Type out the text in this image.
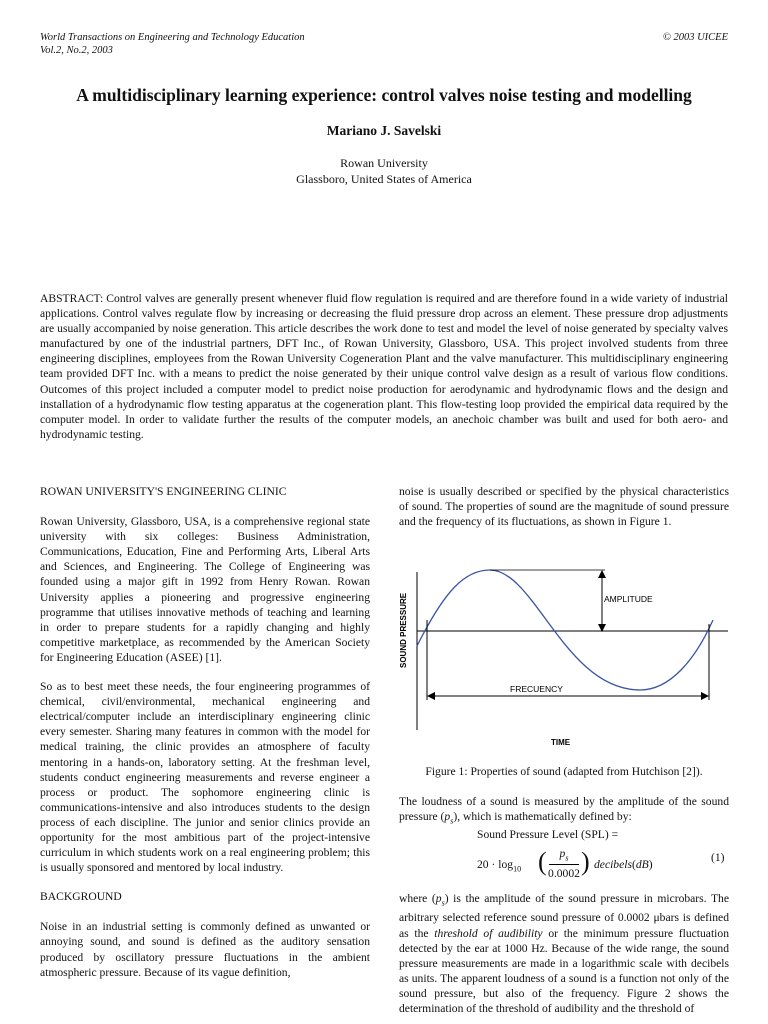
World Transactions on Engineering and Technology Education
Vol.2, No.2, 2003
© 2003 UICEE
A multidisciplinary learning experience: control valves noise testing and modelling
Mariano J. Savelski
Rowan University
Glassboro, United States of America
ABSTRACT: Control valves are generally present whenever fluid flow regulation is required and are therefore found in a wide variety of industrial applications. Control valves regulate flow by increasing or decreasing the fluid pressure drop across an element. These pressure drop adjustments are usually accompanied by noise generation. This article describes the work done to test and model the level of noise generated by specialty valves manufactured by one of the industrial partners, DFT Inc., of Rowan University, Glassboro, USA. This project involved students from three engineering disciplines, employees from the Rowan University Cogeneration Plant and the valve manufacturer. This multidisciplinary engineering team provided DFT Inc. with a means to predict the noise generated by their unique control valve design as a result of various flow conditions. Outcomes of this project included a computer model to predict noise production for aerodynamic and hydrodynamic flows and the design and installation of a hydrodynamic flow testing apparatus at the cogeneration plant. This flow-testing loop provided the empirical data required by the computer model. In order to validate further the results of the computer models, an anechoic chamber was built and used for both aero- and hydrodynamic testing.

ROWAN UNIVERSITY'S ENGINEERING CLINIC

Rowan University, Glassboro, USA, is a comprehensive regional state university with six colleges: Business Administration, Communications, Education, Fine and Performing Arts, Liberal Arts and Sciences, and Engineering. The College of Engineering was founded using a major gift in 1992 from Henry Rowan. Rowan University applies a pioneering and progressive engineering programme that utilises innovative methods of teaching and learning in order to prepare students for a rapidly changing and highly competitive marketplace, as recommended by the American Society for Engineering Education (ASEE) [1].

So as to best meet these needs, the four engineering programmes of chemical, civil/environmental, mechanical engineering and electrical/computer include an interdisciplinary engineering clinic every semester. Sharing many features in common with the model for medical training, the clinic provides an atmosphere of faculty mentoring in a hands-on, laboratory setting. At the freshman level, students conduct engineering measurements and reverse engineer a process or product. The sophomore engineering clinic is communications-intensive and also introduces students to the design process of each discipline. The junior and senior clinics provide an opportunity for the most ambitious part of the project-intensive curriculum in which students work on a real engineering problem; this is usually sponsored and mentored by local industry.

BACKGROUND

Noise in an industrial setting is commonly defined as unwanted or annoying sound, and sound is defined as the auditory sensation produced by oscillatory pressure fluctuations in the ambient atmospheric pressure. Because of its vague definition,

noise is usually described or specified by the physical characteristics of sound. The properties of sound are the magnitude of sound pressure and the frequency of its fluctuations, as shown in Figure 1.

AMPLITUDE
FRECUENCY
SOUND PRESSURE
TIME
Figure 1: Properties of sound (adapted from Hutchison [2]).
The loudness of a sound is measured by the amplitude of the sound pressure $(p_s)$, which is mathematically defined by:
Sound Pressure Level (SPL) =
$20 \cdot \log_{10}$ (	$p_s$
0.0002 ) decibels(dB)
(1)
where $(p_s)$ is the amplitude of the sound pressure in microbars. The arbitrary selected reference sound pressure of 0.0002 μbars is defined as the threshold of audibility or the minimum pressure fluctuation detected by the ear at 1000 Hz. Because of the wide range, the sound pressure measurements are made in a logarithmic scale with decibels as units. The apparent loudness of a sound is a function not only of the sound pressure, but also of the frequency. Figure 2 shows the determination of the threshold of audibility and the threshold of
